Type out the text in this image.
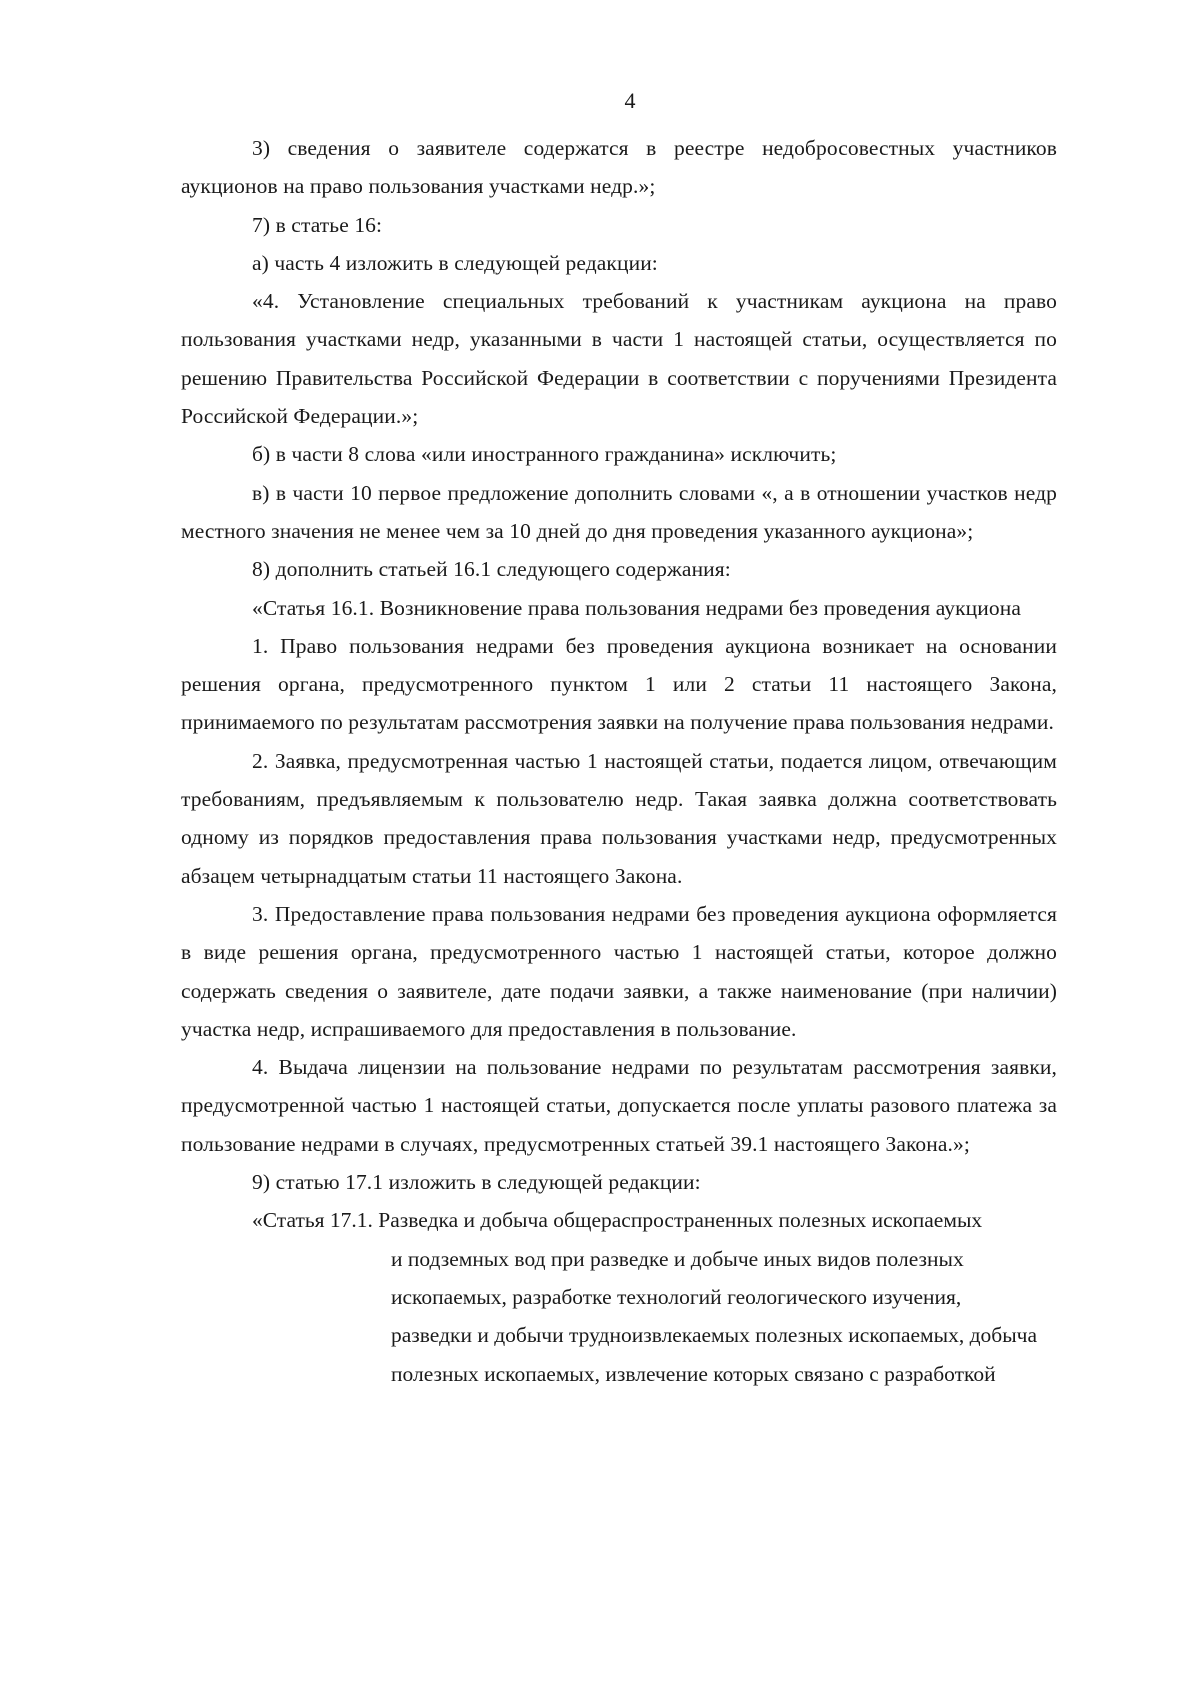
4

3) сведения о заявителе содержатся в реестре недобросовестных участников аукционов на право пользования участками недр.»;

7) в статье 16:

а) часть 4 изложить в следующей редакции:

«4. Установление специальных требований к участникам аукциона на право пользования участками недр, указанными в части 1 настоящей статьи, осуществляется по решению Правительства Российской Федерации в соответствии с поручениями Президента Российской Федерации.»;

б) в части 8 слова «или иностранного гражданина» исключить;

в) в части 10 первое предложение дополнить словами «, а в отношении участков недр местного значения не менее чем за 10 дней до дня проведения указанного аукциона»;

8) дополнить статьей 16.1 следующего содержания:

«Статья 16.1. Возникновение права пользования недрами без проведения аукциона

1. Право пользования недрами без проведения аукциона возникает на основании решения органа, предусмотренного пунктом 1 или 2 статьи 11 настоящего Закона, принимаемого по результатам рассмотрения заявки на получение права пользования недрами.

2. Заявка, предусмотренная частью 1 настоящей статьи, подается лицом, отвечающим требованиям, предъявляемым к пользователю недр. Такая заявка должна соответствовать одному из порядков предоставления права пользования участками недр, предусмотренных абзацем четырнадцатым статьи 11 настоящего Закона.

3. Предоставление права пользования недрами без проведения аукциона оформляется в виде решения органа, предусмотренного частью 1 настоящей статьи, которое должно содержать сведения о заявителе, дате подачи заявки, а также наименование (при наличии) участка недр, испрашиваемого для предоставления в пользование.

4. Выдача лицензии на пользование недрами по результатам рассмотрения заявки, предусмотренной частью 1 настоящей статьи, допускается после уплаты разового платежа за пользование недрами в случаях, предусмотренных статьей 39.1 настоящего Закона.»;

9) статью 17.1 изложить в следующей редакции:

«Статья 17.1. Разведка и добыча общераспространенных полезных ископаемых

и подземных вод при разведке и добыче иных видов полезных
ископаемых, разработке технологий геологического изучения,
разведки и добычи трудноизвлекаемых полезных ископаемых, добыча
полезных ископаемых, извлечение которых связано с разработкой
